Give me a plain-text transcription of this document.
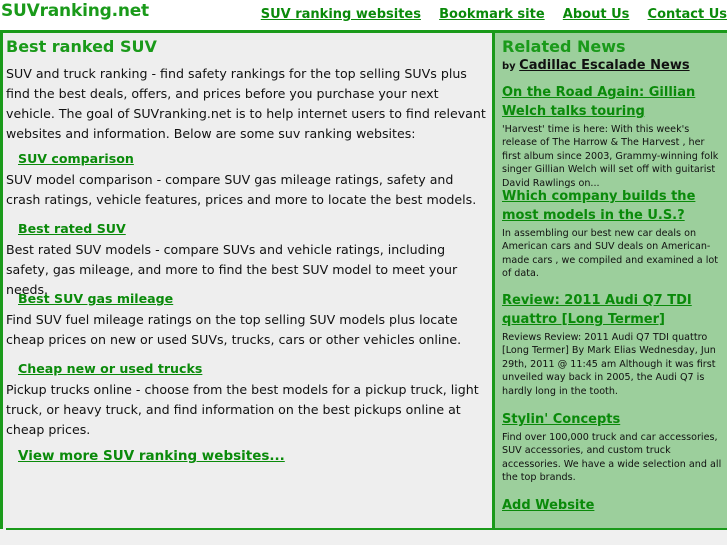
SUVranking.net	SUV ranking websites Bookmark site About Us Contact Us
Best ranked SUV

SUV and truck ranking - find safety rankings for the top selling SUVs plus find the best deals, offers, and prices before you purchase your next vehicle. The goal of SUVranking.net is to help internet users to find relevant websites and information. Below are some suv ranking websites:

SUV comparison

SUV model comparison - compare SUV gas mileage ratings, safety and crash ratings, vehicle features, prices and more to locate the best models.

Best rated SUV

Best rated SUV models - compare SUVs and vehicle ratings, including safety, gas mileage, and more to find the best SUV model to meet your needs.

Best SUV gas mileage

Find SUV fuel mileage ratings on the top selling SUV models plus locate cheap prices on new or used SUVs, trucks, cars or other vehicles online.

Cheap new or used trucks

Pickup trucks online - choose from the best models for a pickup truck, light truck, or heavy truck, and find information on the best pickups online at cheap prices.

View more SUV ranking websites...
Related News
by Cadillac Escalade News
On the Road Again: Gillian Welch talks touring

'Harvest' time is here: With this week's release of The Harrow & The Harvest , her first album since 2003, Grammy-winning folk singer Gillian Welch will set off with guitarist David Rawlings on...

Which company builds the most models in the U.S.?

In assembling our best new car deals on American cars and SUV deals on American-made cars , we compiled and examined a lot of data.

Review: 2011 Audi Q7 TDI quattro [Long Termer]

Reviews Review: 2011 Audi Q7 TDI quattro [Long Termer] By Mark Elias Wednesday, Jun 29th, 2011 @ 11:45 am Although it was first unveiled way back in 2005, the Audi Q7 is hardly long in the tooth.

Stylin' Concepts

Find over 100,000 truck and car accessories, SUV accessories, and custom truck accessories. We have a wide selection and all the top brands.

Add Website
